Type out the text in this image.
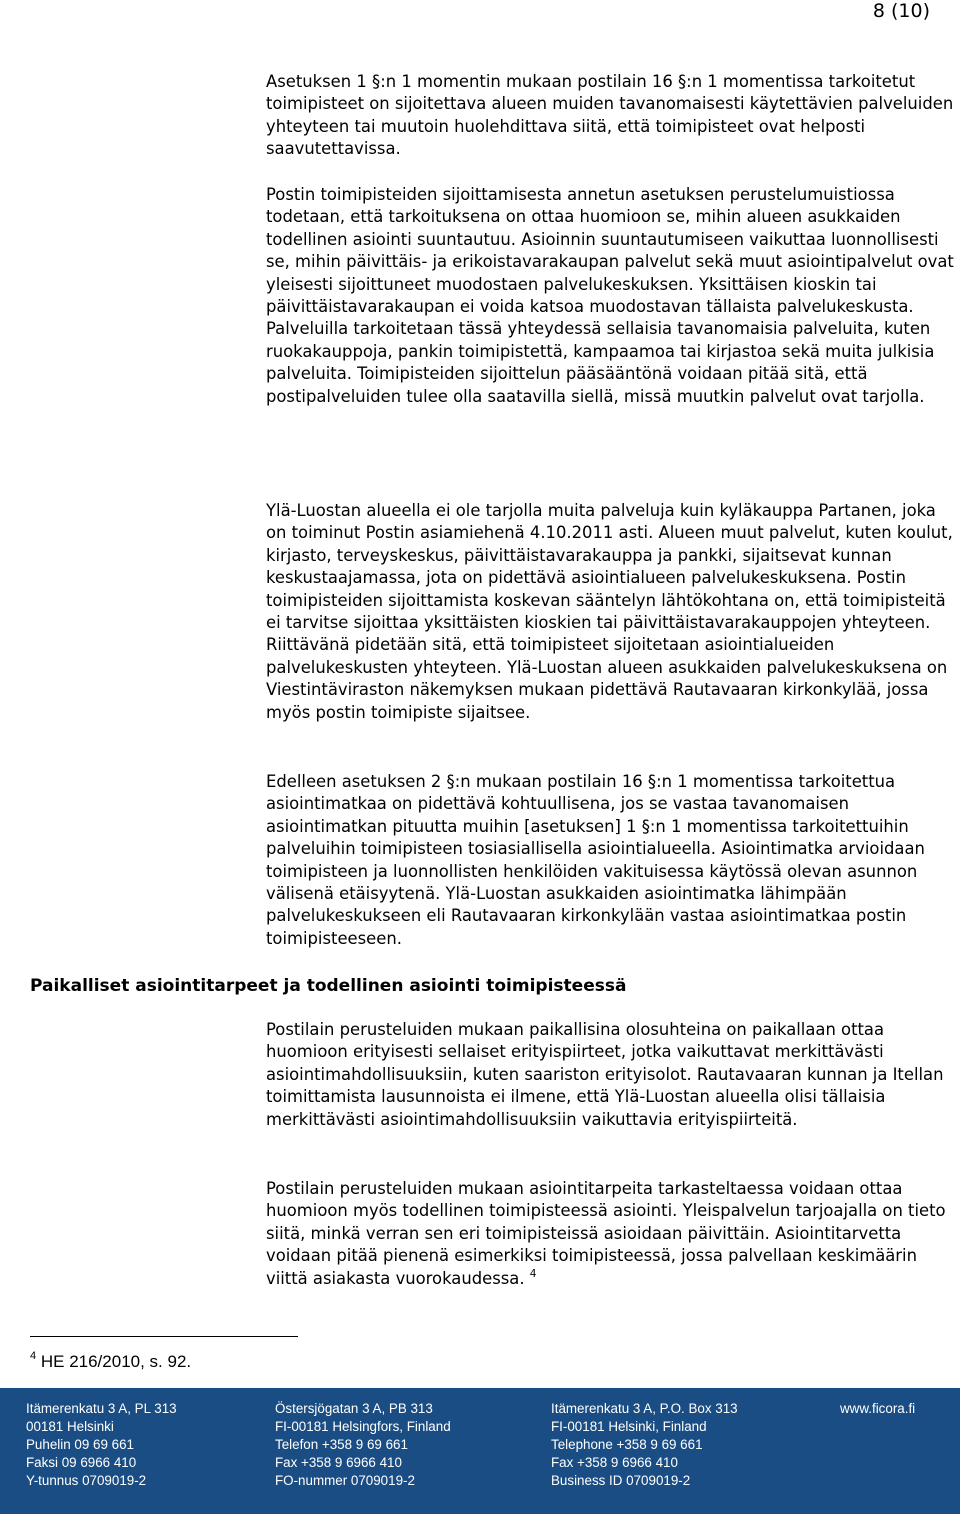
8 (10)

Asetuksen 1 §:n 1 momentin mukaan postilain 16 §:n 1 momentissa tarkoitetut toimipisteet on sijoitettava alueen muiden tavanomaisesti käytettävien palveluiden yhteyteen tai muutoin huolehdittava siitä, että toimipisteet ovat helposti saavutettavissa.

Postin toimipisteiden sijoittamisesta annetun asetuksen perustelumuistiossa todetaan, että tarkoituksena on ottaa huomioon se, mihin alueen asukkaiden todellinen asiointi suuntautuu. Asioinnin suuntautumiseen vaikuttaa luonnollisesti se, mihin päivittäis- ja erikoistavarakaupan palvelut sekä muut asiointipalvelut ovat yleisesti sijoittuneet muodostaen palvelukeskuksen. Yksittäisen kioskin tai päivittäistavarakaupan ei voida katsoa muodostavan tällaista palvelukeskusta. Palveluilla tarkoitetaan tässä yhteydessä sellaisia tavanomaisia palveluita, kuten ruokakauppoja, pankin toimipistettä, kampaamoa tai kirjastoa sekä muita julkisia palveluita. Toimipisteiden sijoittelun pääsääntönä voidaan pitää sitä, että postipalveluiden tulee olla saatavilla siellä, missä muutkin palvelut ovat tarjolla.

Ylä-Luostan alueella ei ole tarjolla muita palveluja kuin kyläkauppa Partanen, joka on toiminut Postin asiamiehenä 4.10.2011 asti. Alueen muut palvelut, kuten koulut, kirjasto, terveyskeskus, päivittäistavarakauppa ja pankki, sijaitsevat kunnan keskustaajamassa, jota on pidettävä asiointialueen palvelukeskuksena. Postin toimipisteiden sijoittamista koskevan sääntelyn lähtökohtana on, että toimipisteitä ei tarvitse sijoittaa yksittäisten kioskien tai päivittäistavarakauppojen yhteyteen. Riittävänä pidetään sitä, että toimipisteet sijoitetaan asiointialueiden palvelukeskusten yhteyteen. Ylä-Luostan alueen asukkaiden palvelukeskuksena on Viestintäviraston näkemyksen mukaan pidettävä Rautavaaran kirkonkylää, jossa myös postin toimipiste sijaitsee.

Edelleen asetuksen 2 §:n mukaan postilain 16 §:n 1 momentissa tarkoitettua asiointimatkaa on pidettävä kohtuullisena, jos se vastaa tavanomaisen asiointimatkan pituutta muihin [asetuksen] 1 §:n 1 momentissa tarkoitettuihin palveluihin toimipisteen tosiasiallisella asiointialueella. Asiointimatka arvioidaan toimipisteen ja luonnollisten henkilöiden vakituisessa käytössä olevan asunnon välisenä etäisyytenä. Ylä-Luostan asukkaiden asiointimatka lähimpään palvelukeskukseen eli Rautavaaran kirkonkylään vastaa asiointimatkaa postin toimipisteeseen.

Paikalliset asiointitarpeet ja todellinen asiointi toimipisteessä

Postilain perusteluiden mukaan paikallisina olosuhteina on paikallaan ottaa huomioon erityisesti sellaiset erityispiirteet, jotka vaikuttavat merkittävästi asiointimahdollisuuksiin, kuten saariston erityisolot. Rautavaaran kunnan ja Itellan toimittamista lausunnoista ei ilmene, että Ylä-Luostan alueella olisi tällaisia merkittävästi asiointimahdollisuuksiin vaikuttavia erityispiirteitä.

Postilain perusteluiden mukaan asiointitarpeita tarkasteltaessa voidaan ottaa huomioon myös todellinen toimipisteessä asiointi. Yleispalvelun tarjoajalla on tieto siitä, minkä verran sen eri toimipisteissä asioidaan päivittäin. Asiointitarvetta voidaan pitää pienenä esimerkiksi toimipisteessä, jossa palvellaan keskimäärin viittä asiakasta vuorokaudessa. $^4$

$^4$ HE 216/2010, s. 92.
Itämerenkatu 3 A, PL 313
00181 Helsinki
Puhelin 09 69 661
Faksi 09 6966 410
Y-tunnus 0709019-2
Östersjögatan 3 A, PB 313
FI-00181 Helsingfors, Finland
Telefon +358 9 69 661
Fax +358 9 6966 410
FO-nummer 0709019-2
Itämerenkatu 3 A, P.O. Box 313
FI-00181 Helsinki, Finland
Telephone +358 9 69 661
Fax +358 9 6966 410
Business ID 0709019-2
www.ficora.fi
